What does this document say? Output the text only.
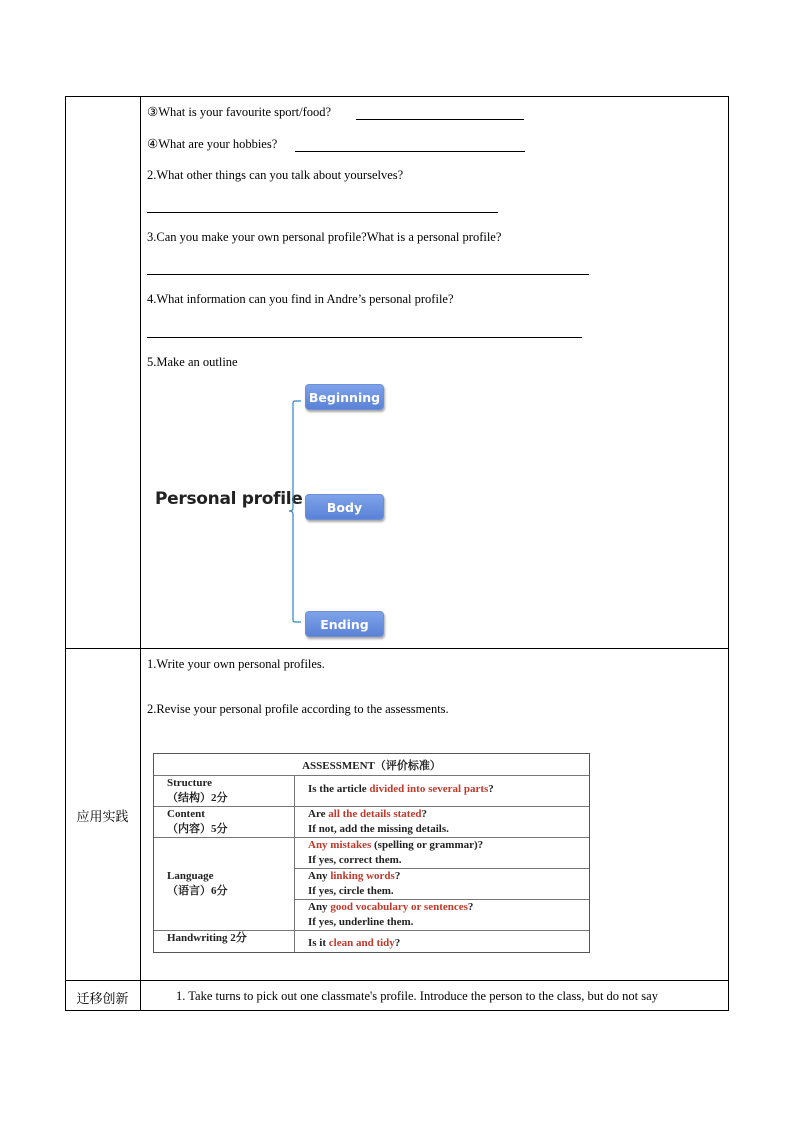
③What is your favourite sport/food?
④What are your hobbies?
2.What other things can you talk about yourselves?
3.Can you make your own personal profile?What is a personal profile?
4.What information can you find in Andre’s personal profile?
5.Make an outline
Personal profile
Beginning
Body
Ending
应用实践
1.Write your own personal profiles.
2.Revise your personal profile according to the assessments.
ASSESSMENT（评价标准）
Structure
（结构）2分
Is the article divided into several parts?
Content
（内容）5分
Are all the details stated?
If not, add the missing details.
Language
（语言）6分
Any mistakes (spelling or grammar)?
If yes, correct them.
Any linking words?
If yes, circle them.
Any good vocabulary or sentences?
If yes, underline them.
Handwriting 2分	Is it clean and tidy?
迁移创新	1. Take turns to pick out one classmate's profile. Introduce the person to the class, but do not say
